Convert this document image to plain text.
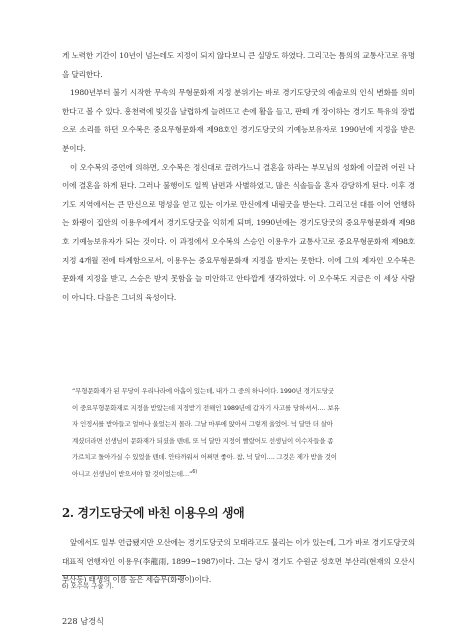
게 노력한 기간이 10년이 넘는데도 지정이 되지 않다보니 큰 실망도 하였다. 그리고는 틈의의 교통사고로 유명을 달리한다.

1980년부터 불기 시작한 무속의 무형문화재 지정 분위기는 바로 경기도당굿의 예술로의 인식 변화를 의미한다고 볼 수 있다. 흥천력에 빛깃을 날렵하게 늘려뜨고 손에 활을 들고, 판떼 개 장이하는 경기도 특유의 장법으로 소리를 하던 오수복은 중요무형문화재 제98호인 경기도당굿의 기예능보유자로 1990년에 지정을 받은 분이다.

이 오수복의 증언에 의하면, 오수복은 정신대로 끌려가느니 결혼을 하라는 부모님의 성화에 이끌려 어린 나이에 결혼을 하게 된다. 그러나 불행이도 일찍 남편과 사별하였고, 많은 식솔들을 혼자 감당하게 된다. 이후 경기도 지역에서는 큰 만신으로 명성을 얻고 있는 이가로 만신에게 내림굿을 받는다. 그리고선 대를 이어 연행하는 화랭이 집안의 이용우에게서 경기도당굿을 익히게 되며, 1990년에는 경기도당굿의 중요무형문화재 제98호 기예능보유자가 되는 것이다. 이 과정에서 오수복의 스승인 이용우가 교통사고로 중요무형문화재 제98호 지정 4개월 전에 타계함으로서, 이용우는 중요무형문화재 지정을 받지는 못한다. 이에 그의 제자인 오수복은 문화재 지정을 받고, 스승은 받지 못함을 늘 미안하고 안타깝게 생각하였다. 이 오수복도 지금은 이 세상 사람이 아니다. 다음은 그녀의 육성이다.

“무형문화재가 된 무당이 우리나라에 아홉이 있는데, 내가 그 중의 하나이다. 1990년 경기도당굿

이 중요무형문화재로 지정을 받았는데 지정받기 전해인 1989년에 갑자기 사고를 당하셔서…. 보유

자 인정서를 받아들고 얼마나 울었는지 몰라. 그날 마루에 앉아서 그렇게 울었어. 넉 달만 더 살아

계셨더라면 선생님이 문화재가 되셨을 텐데, 또 넉 달만 지정이 빨랐어도 선생님이 이수자들을 좀

가르치고 돌아가실 수 있었을 텐데. 안타까워서 어쩌면 좋아. 참, 넉 달이…. 그것은 제가 받을 것이

아니고 선생님이 받으셔야 할 것이었는데…”$^{6)}$

2. 경기도당굿에 바친 이용우의 생애

앞에서도 일부 언급됐지만 오산에는 경기도당굿의 모태라고도 불리는 이가 있는데, 그가 바로 경기도당굿의 대표적 연행자인 이용우(李龍雨, 1899~1987)이다. 그는 당시 경기도 수원군 성호면 부산리(현재의 오산시 부산동) 태생의 이름 높은 세습무(화랭이)이다.

6) 오수복 구술 기.

228 남경식
